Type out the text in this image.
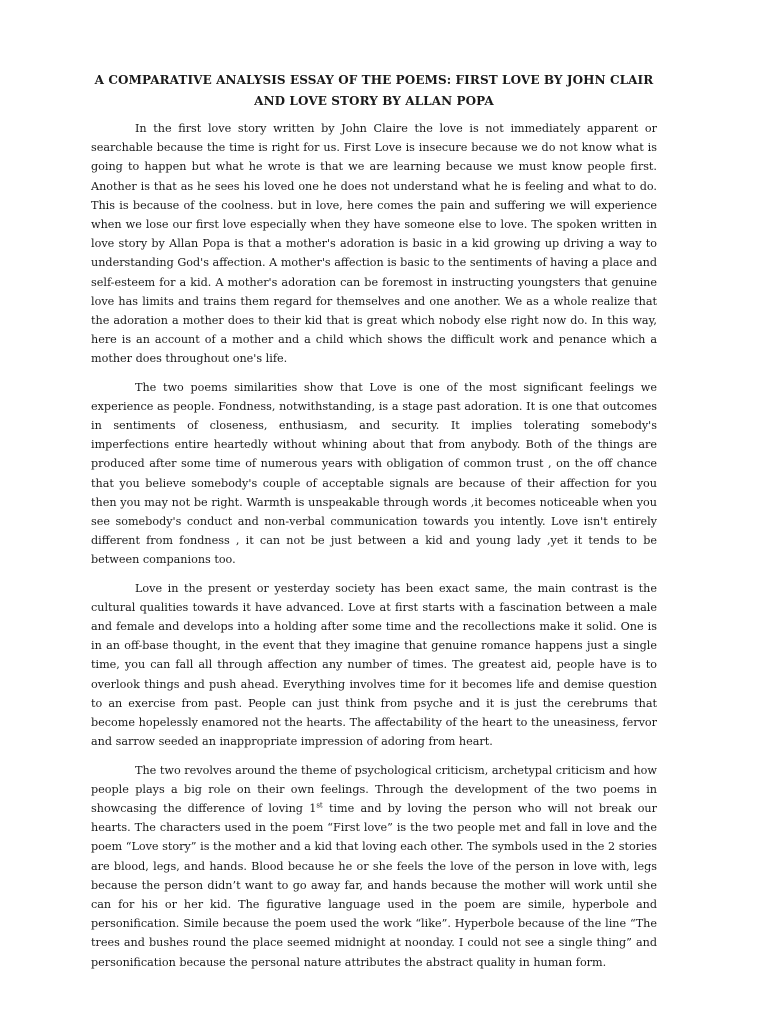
A COMPARATIVE ANALYSIS ESSAY OF THE POEMS: FIRST LOVE BY JOHN CLAIR
AND LOVE STORY BY ALLAN POPA

In the first love story written by John Claire the love is not immediately apparent or searchable because the time is right for us. First Love is insecure because we do not know what is going to happen but what he wrote is that we are learning because we must know people first. Another is that as he sees his loved one he does not understand what he is feeling and what to do. This is because of the coolness. but in love, here comes the pain and suffering we will experience when we lose our first love especially when they have someone else to love. The spoken written in love story by Allan Popa is that a mother's adoration is basic in a kid growing up driving a way to understanding God's affection. A mother's affection is basic to the sentiments of having a place and self-esteem for a kid. A mother's adoration can be foremost in instructing youngsters that genuine love has limits and trains them regard for themselves and one another. We as a whole realize that the adoration a mother does to their kid that is great which nobody else right now do. In this way, here is an account of a mother and a child which shows the difficult work and penance which a mother does throughout one's life.

The two poems similarities show that Love is one of the most significant feelings we experience as people. Fondness, notwithstanding, is a stage past adoration. It is one that outcomes in sentiments of closeness, enthusiasm, and security. It implies tolerating somebody's imperfections entire heartedly without whining about that from anybody. Both of the things are produced after some time of numerous years with obligation of common trust , on the off chance that you believe somebody's couple of acceptable signals are because of their affection for you then you may not be right. Warmth is unspeakable through words ,it becomes noticeable when you see somebody's conduct and non-verbal communication towards you intently. Love isn't entirely different from fondness , it can not be just between a kid and young lady ,yet it tends to be between companions too.

Love in the present or yesterday society has been exact same, the main contrast is the cultural qualities towards it have advanced. Love at first starts with a fascination between a male and female and develops into a holding after some time and the recollections make it solid. One is in an off-base thought, in the event that they imagine that genuine romance happens just a single time, you can fall all through affection any number of times. The greatest aid, people have is to overlook things and push ahead. Everything involves time for it becomes life and demise question to an exercise from past. People can just think from psyche and it is just the cerebrums that become hopelessly enamored not the hearts. The affectability of the heart to the uneasiness, fervor and sarrow seeded an inappropriate impression of adoring from heart.

The two revolves around the theme of psychological criticism, archetypal criticism and how people plays a big role on their own feelings. Through the development of the two poems in showcasing the difference of loving 1st time and by loving the person who will not break our hearts. The characters used in the poem “First love” is the two people met and fall in love and the poem “Love story” is the mother and a kid that loving each other. The symbols used in the 2 stories are blood, legs, and hands. Blood because he or she feels the love of the person in love with, legs because the person didn’t want to go away far, and hands because the mother will work until she can for his or her kid. The figurative language used in the poem are simile, hyperbole and personification. Simile because the poem used the work “like”. Hyperbole because of the line “The trees and bushes round the place seemed midnight at noonday. I could not see a single thing” and personification because the personal nature attributes the abstract quality in human form.
